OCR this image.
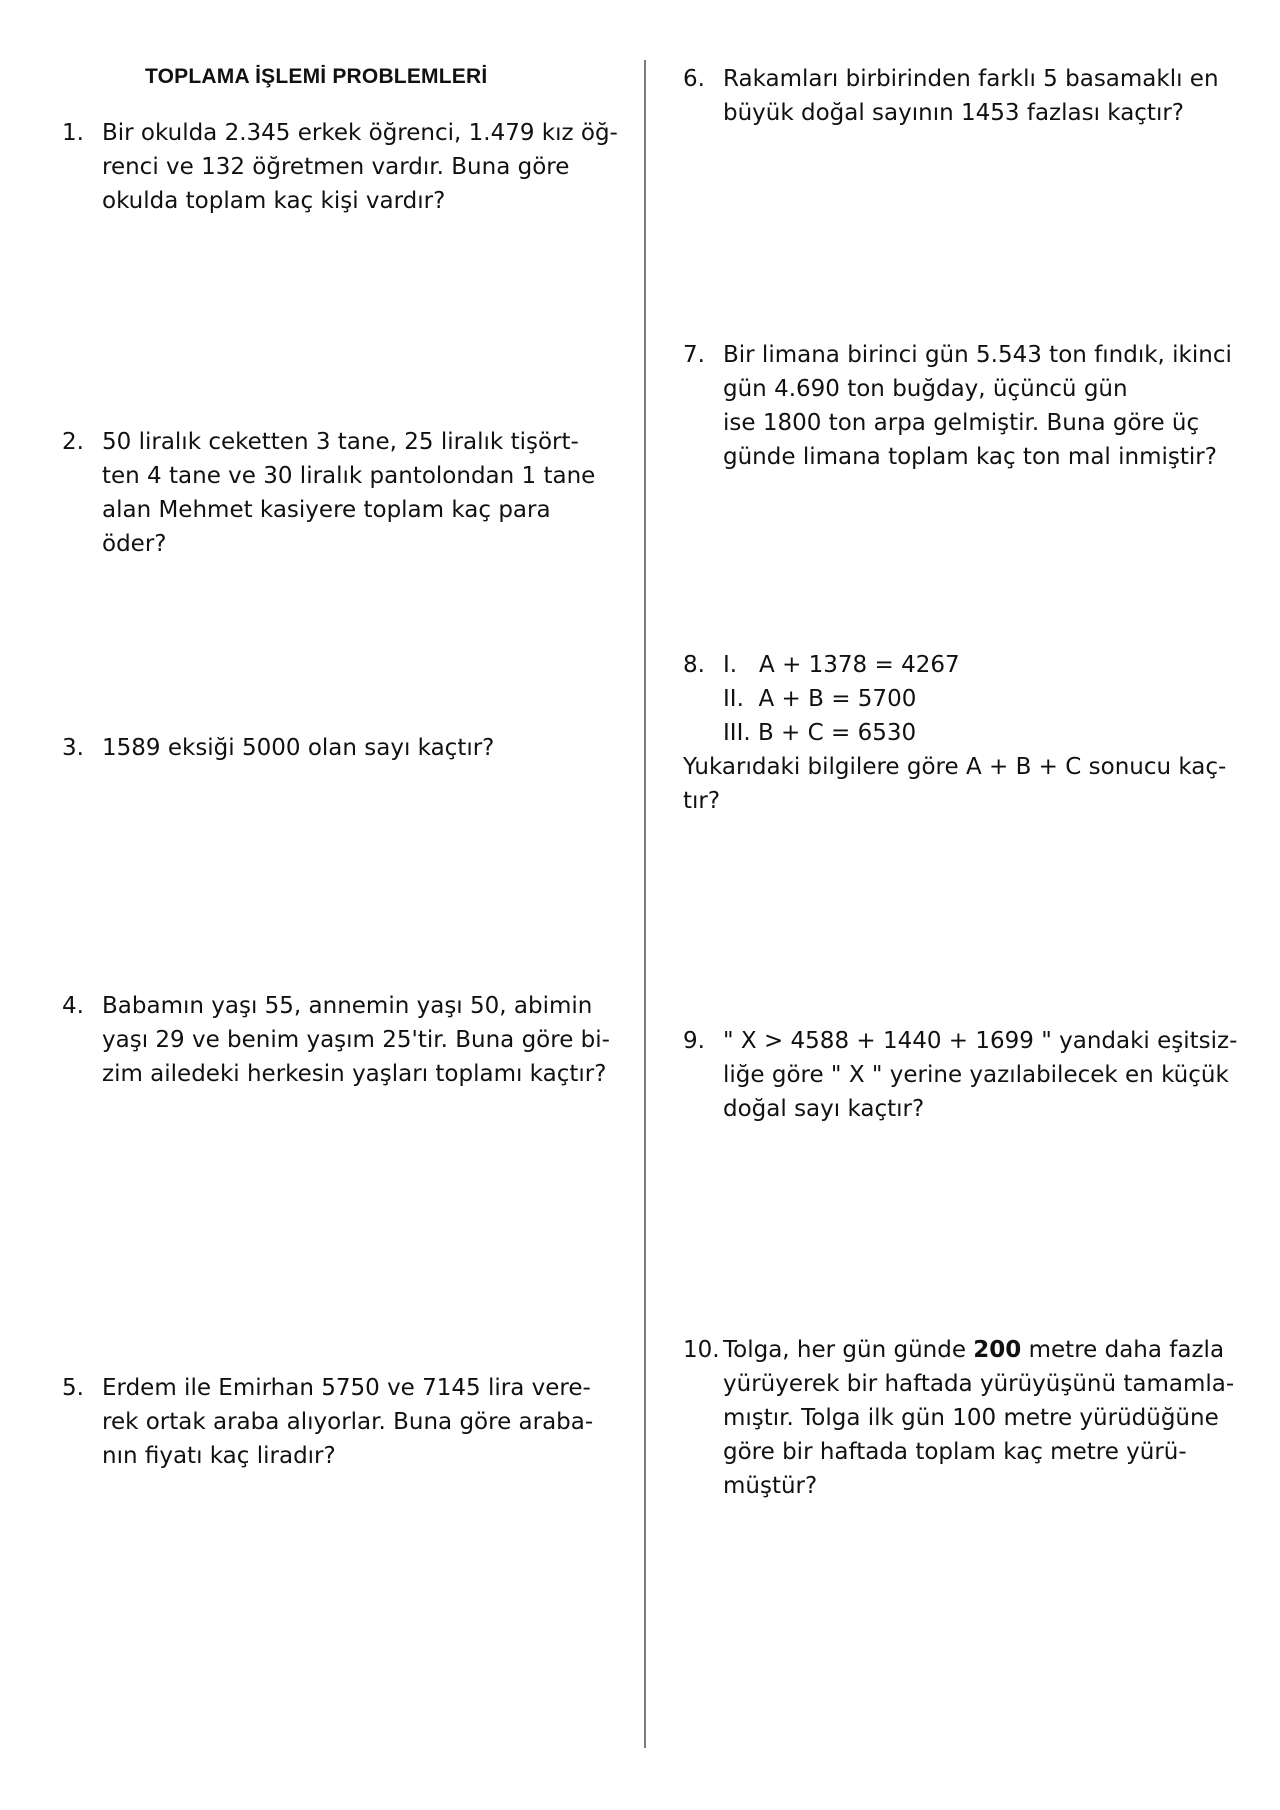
TOPLAMA İŞLEMİ PROBLEMLERİ
1. Bir okulda 2.345 erkek öğrenci, 1.479 kız öğ-
renci ve 132 öğretmen vardır. Buna göre
okulda toplam kaç kişi vardır?
2. 50 liralık ceketten 3 tane, 25 liralık tişört-
ten 4 tane ve 30 liralık pantolondan 1 tane
alan Mehmet kasiyere toplam kaç para
öder?
3. 1589 eksiği 5000 olan sayı kaçtır?
4. Babamın yaşı 55, annemin yaşı 50, abimin
yaşı 29 ve benim yaşım 25'tir. Buna göre bi-
zim ailedeki herkesin yaşları toplamı kaçtır?
5. Erdem ile Emirhan 5750 ve 7145 lira vere-
rek ortak araba alıyorlar. Buna göre araba-
nın fiyatı kaç liradır?
6. Rakamları birbirinden farklı 5 basamaklı en
büyük doğal sayının 1453 fazlası kaçtır?
7. Bir limana birinci gün 5.543 ton fındık, ikinci
gün 4.690 ton buğday, üçüncü gün
ise 1800 ton arpa gelmiştir. Buna göre üç
günde limana toplam kaç ton mal inmiştir?
8. I.   A + 1378 = 4267
II.  A + B = 5700
III. B + C = 6530
Yukarıdaki bilgilere göre A + B + C sonucu kaç-
tır?
9. " X > 4588 + 1440 + 1699 " yandaki eşitsiz-
liğe göre " X " yerine yazılabilecek en küçük
doğal sayı kaçtır?
10. Tolga, her gün günde 200 metre daha fazla
yürüyerek bir haftada yürüyüşünü tamamla-
mıştır. Tolga ilk gün 100 metre yürüdüğüne
göre bir haftada toplam kaç metre yürü-
müştür?
